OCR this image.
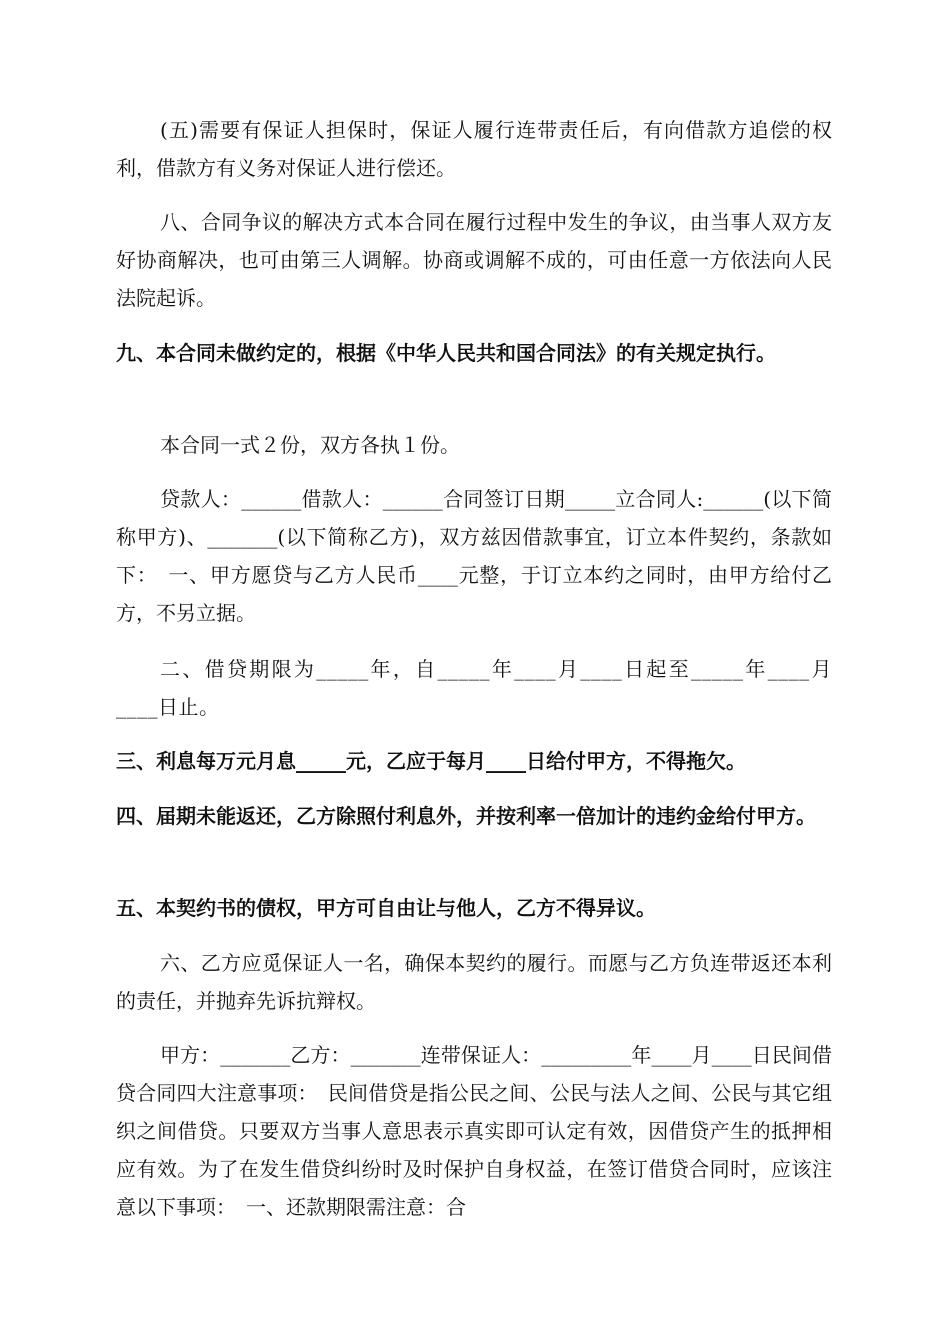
(五)需要有保证人担保时，保证人履行连带责任后，有向借款方追偿的权利，借款方有义务对保证人进行偿还。

八、合同争议的解决方式本合同在履行过程中发生的争议，由当事人双方友好协商解决，也可由第三人调解。协商或调解不成的，可由任意一方依法向人民法院起诉。

九、本合同未做约定的，根据《中华人民共和国合同法》的有关规定执行。

本合同一式２份，双方各执１份。

贷款人：______借款人：______合同签订日期_____立合同人:______(以下简称甲方)、_______(以下简称乙方)，双方兹因借款事宜，订立本件契约，条款如下：　一、甲方愿贷与乙方人民币____元整，于订立本约之同时，由甲方给付乙方，不另立据。

二、借贷期限为_____年，自_____年____月____日起至_____年____月____日止。

三、利息每万元月息_____元，乙应于每月____日给付甲方，不得拖欠。

四、届期未能返还，乙方除照付利息外，并按利率一倍加计的违约金给付甲方。

五、本契约书的债权，甲方可自由让与他人，乙方不得异议。

六、乙方应觅保证人一名，确保本契约的履行。而愿与乙方负连带返还本利的责任，并抛弃先诉抗辩权。

甲方：_______乙方：_______连带保证人：_________年____月____日民间借贷合同四大注意事项：　民间借贷是指公民之间、公民与法人之间、公民与其它组织之间借贷。只要双方当事人意思表示真实即可认定有效，因借贷产生的抵押相应有效。为了在发生借贷纠纷时及时保护自身权益，在签订借贷合同时，应该注意以下事项：　一、还款期限需注意：合
